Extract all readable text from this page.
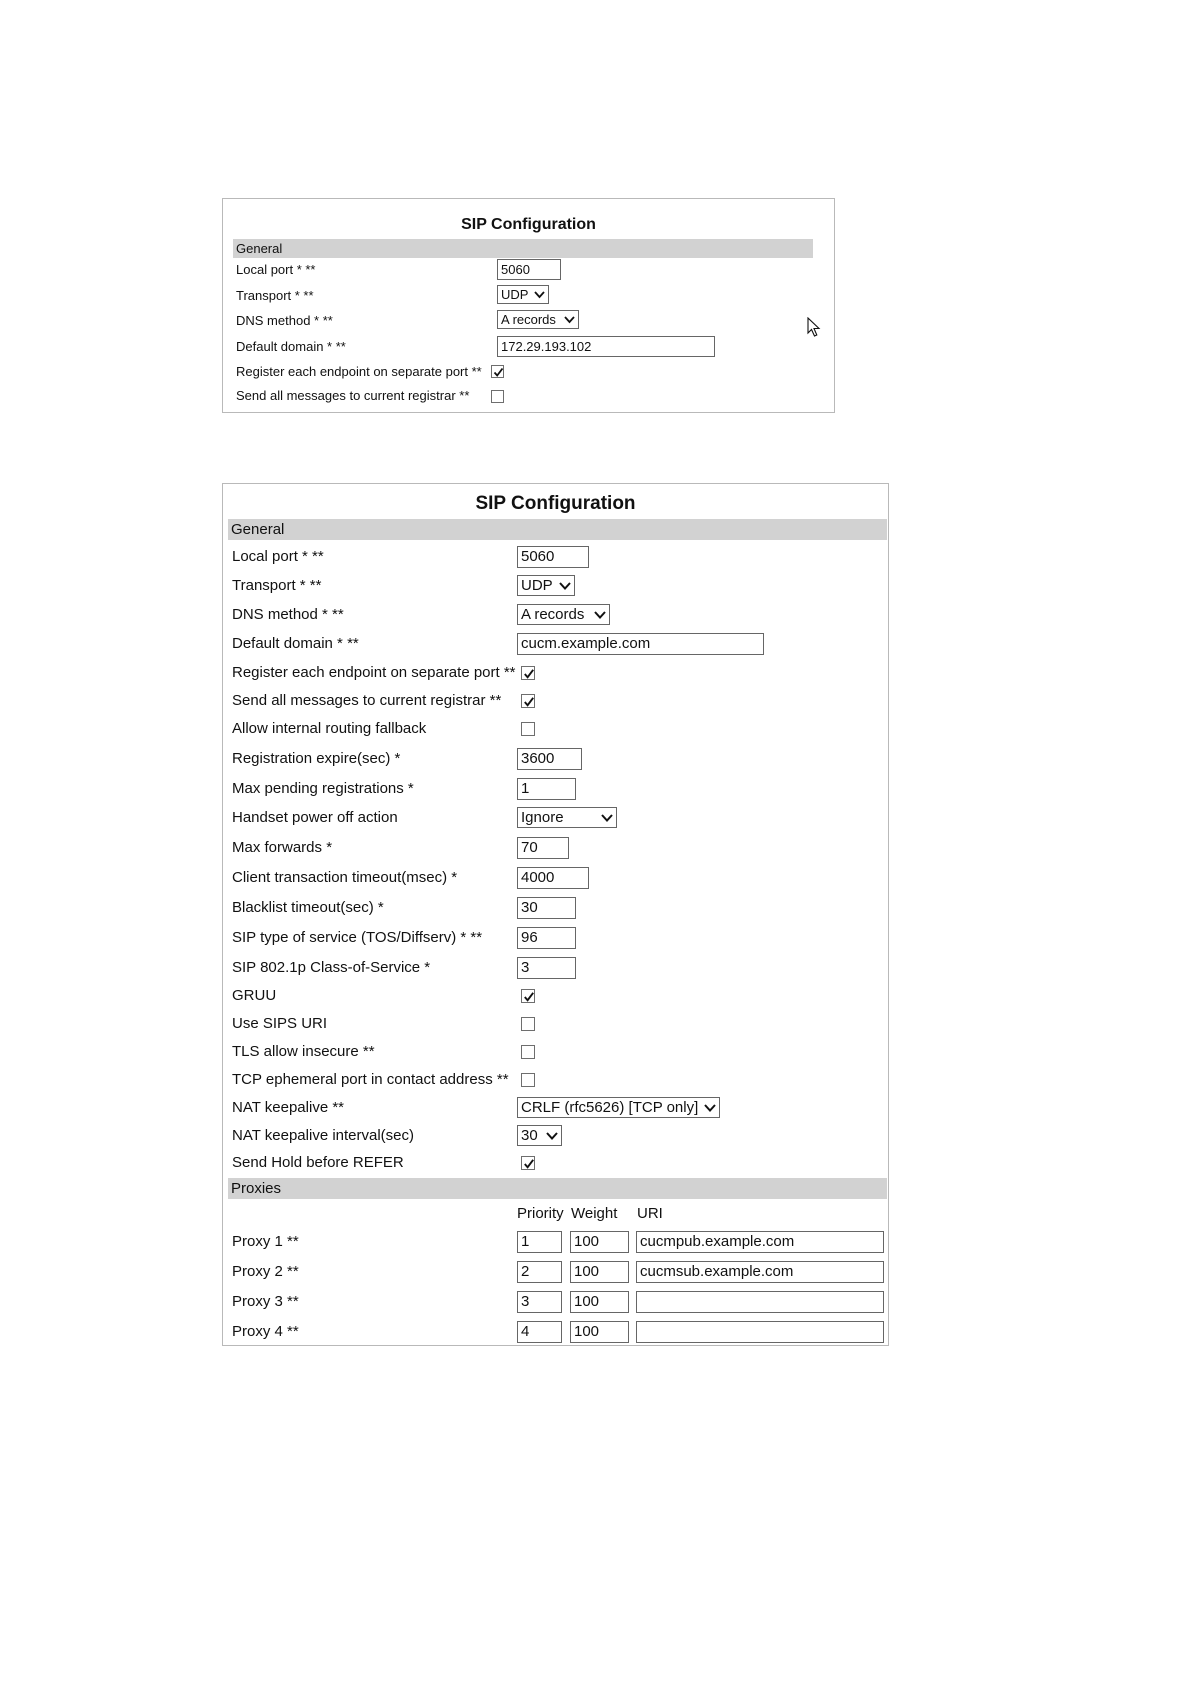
SIP Configuration
General
Local port * **	5060
Transport * **	UDP
DNS method * **	A records
Default domain * **	172.29.193.102
Register each endpoint on separate port **
Send all messages to current registrar **
SIP Configuration
General
Local port * **	5060
Transport * **	UDP
DNS method * **	A records
Default domain * **	cucm.example.com
Register each endpoint on separate port **
Send all messages to current registrar **
Allow internal routing fallback
Registration expire(sec) *	3600
Max pending registrations *	1
Handset power off action	Ignore
Max forwards *	70
Client transaction timeout(msec) *	4000
Blacklist timeout(sec) *	30
SIP type of service (TOS/Diffserv) * **	96
SIP 802.1p Class-of-Service *	3
GRUU
Use SIPS URI
TLS allow insecure **
TCP ephemeral port in contact address **
NAT keepalive **	CRLF (rfc5626) [TCP only]
NAT keepalive interval(sec)	30
Send Hold before REFER
Proxies
Priority Weight URI
Proxy 1 **	1	100	cucmpub.example.com
Proxy 2 **	2	100	cucmsub.example.com
Proxy 3 **	3	100
Proxy 4 **	4	100
